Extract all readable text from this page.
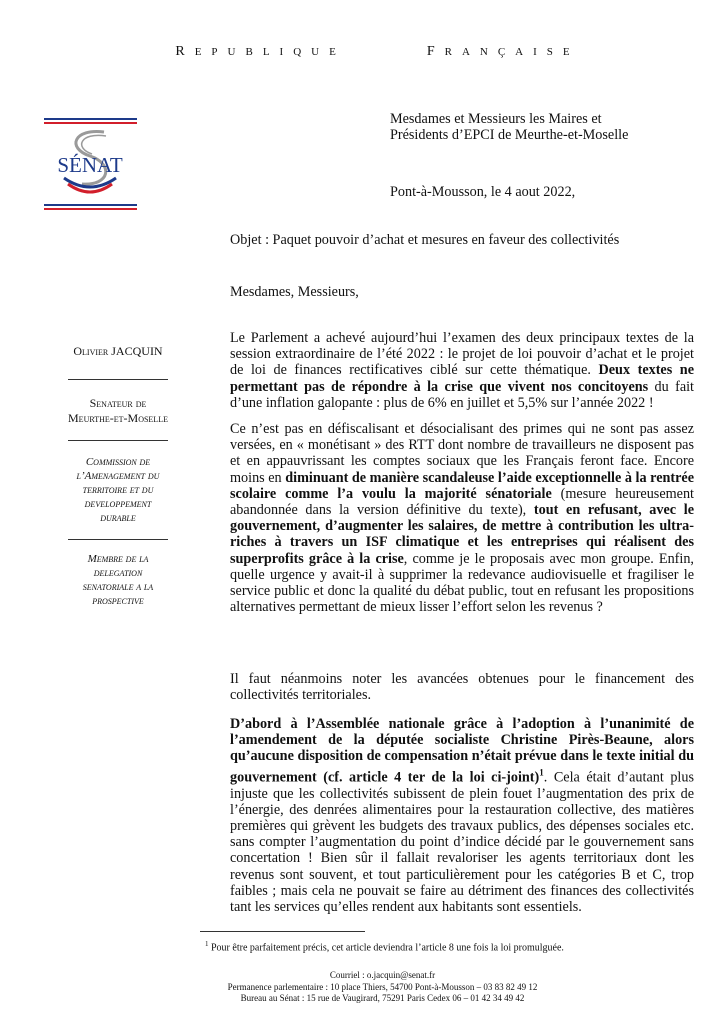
REPUBLIQUE	FRANÇAISE
SÉNAT
Mesdames et Messieurs les Maires et
Présidents d’EPCI de Meurthe-et-Moselle
Pont-à-Mousson, le 4 aout 2022,
Objet : Paquet pouvoir d’achat et mesures en faveur des collectivités
Mesdames, Messieurs,
Olivier JACQUIN
Senateur de
Meurthe-et-Moselle
Commission de
l’Amenagement du
territoire et du
developpement
durable
Membre de la
delegation
senatoriale a la
prospective
Le Parlement a achevé aujourd’hui l’examen des deux principaux textes de la session extraordinaire de l’été 2022 : le projet de loi pouvoir d’achat et le projet de loi de finances rectificatives ciblé sur cette thématique. Deux textes ne permettant pas de répondre à la crise que vivent nos concitoyens du fait d’une inflation galopante : plus de 6% en juillet et 5,5% sur l’année 2022 !
Ce n’est pas en défiscalisant et désocialisant des primes qui ne sont pas assez versées, en « monétisant » des RTT dont nombre de travailleurs ne disposent pas et en appauvrissant les comptes sociaux que les Français feront face. Encore moins en diminuant de manière scandaleuse l’aide exceptionnelle à la rentrée scolaire comme l’a voulu la majorité sénatoriale (mesure heureusement abandonnée dans la version définitive du texte), tout en refusant, avec le gouvernement, d’augmenter les salaires, de mettre à contribution les ultra-riches à travers un ISF climatique et les entreprises qui réalisent des superprofits grâce à la crise, comme je le proposais avec mon groupe. Enfin, quelle urgence y avait-il à supprimer la redevance audiovisuelle et fragiliser le service public et donc la qualité du débat public, tout en refusant les propositions alternatives permettant de mieux lisser l’effort selon les revenus ?
Il faut néanmoins noter les avancées obtenues pour le financement des collectivités territoriales.
D’abord à l’Assemblée nationale grâce à l’adoption à l’unanimité de l’amendement de la députée socialiste Christine Pirès-Beaune, alors qu’aucune disposition de compensation n’était prévue dans le texte initial du gouvernement (cf. article 4 ter de la loi ci-joint)$^1$. Cela était d’autant plus injuste que les collectivités subissent de plein fouet l’augmentation des prix de l’énergie, des denrées alimentaires pour la restauration collective, des matières premières qui grèvent les budgets des travaux publics, des dépenses sociales etc. sans compter l’augmentation du point d’indice décidé par le gouvernement sans concertation ! Bien sûr il fallait revaloriser les agents territoriaux dont les revenus sont souvent, et tout particulièrement pour les catégories B et C, trop faibles ; mais cela ne pouvait se faire au détriment des finances des collectivités tant les services qu’elles rendent aux habitants sont essentiels.
$^1$ Pour être parfaitement précis, cet article deviendra l’article 8 une fois la loi promulguée.
Courriel : o.jacquin@senat.fr
Permanence parlementaire : 10 place Thiers, 54700 Pont-à-Mousson – 03 83 82 49 12
Bureau au Sénat : 15 rue de Vaugirard, 75291 Paris Cedex 06 – 01 42 34 49 42
